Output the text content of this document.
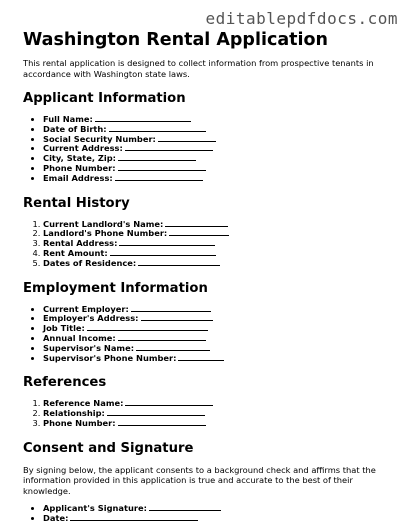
editablepdfdocs.com
Washington Rental Application

This rental application is designed to collect information from prospective tenants in accordance with Washington state laws.

Applicant Information
• Full Name:
• Date of Birth:
• Social Security Number:
• Current Address:
• City, State, Zip:
• Phone Number:
• Email Address:
Rental History
1. Current Landlord's Name:
2. Landlord's Phone Number:
3. Rental Address:
4. Rent Amount:
5. Dates of Residence:
Employment Information
• Current Employer:
• Employer's Address:
• Job Title:
• Annual Income:
• Supervisor's Name:
• Supervisor's Phone Number:
References
1. Reference Name:
2. Relationship:
3. Phone Number:
Consent and Signature

By signing below, the applicant consents to a background check and affirms that the information provided in this application is true and accurate to the best of their knowledge.

• Applicant's Signature:
• Date:
